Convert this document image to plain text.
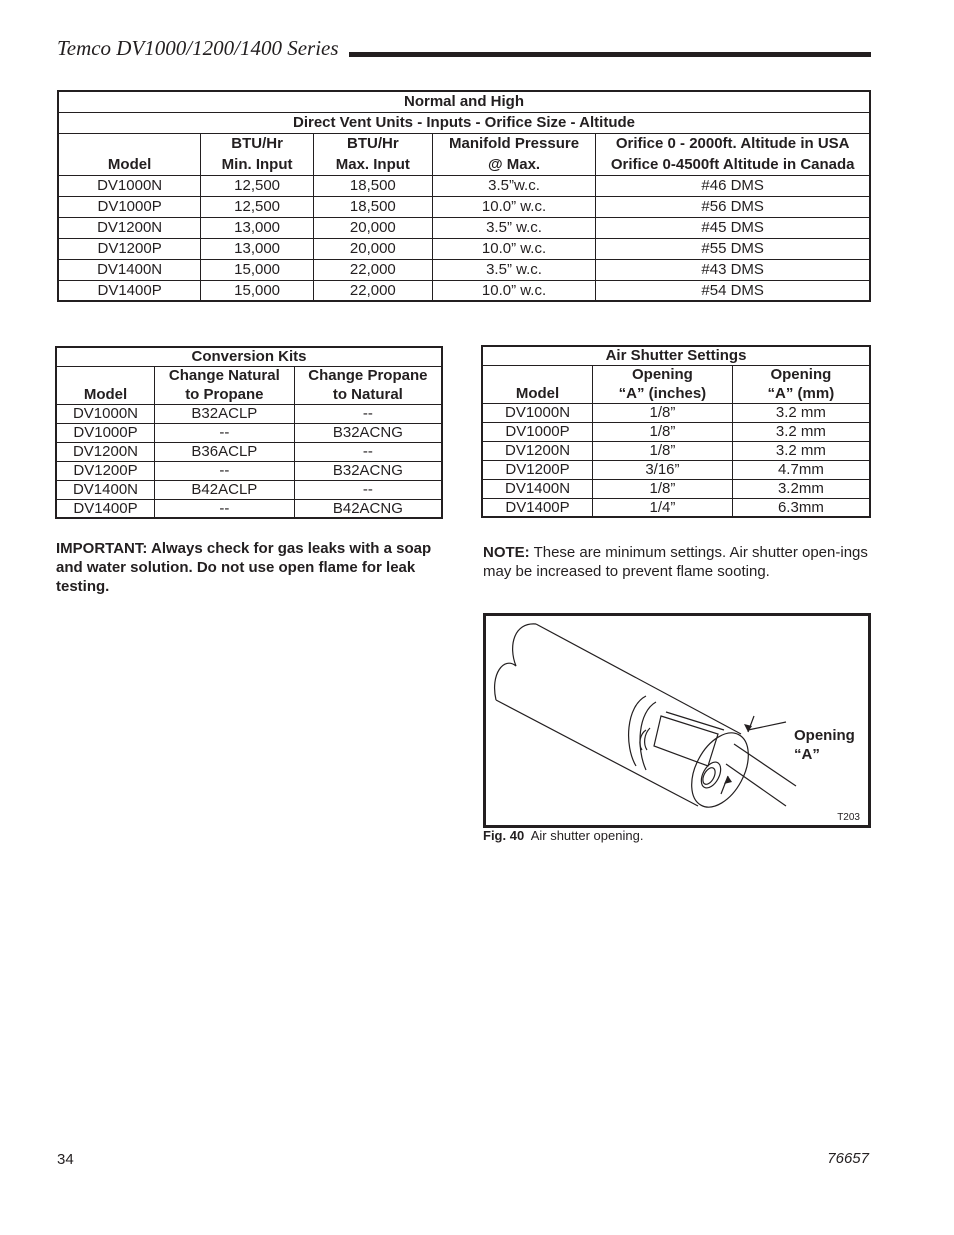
Temco DV1000/1200/1400 Series
Normal and High				
Direct Vent Units - Inputs - Orifice Size - Altitude				
	BTU/Hr	BTU/Hr	Manifold Pressure	Orifice 0 - 2000ft. Altitude in USA
Model	Min. Input	Max. Input	@ Max.	Orifice 0-4500ft Altitude in Canada
DV1000N	12,500	18,500	3.5”w.c.	#46 DMS
DV1000P	12,500	18,500	10.0” w.c.	#56 DMS
DV1200N	13,000	20,000	3.5” w.c.	#45 DMS
DV1200P	13,000	20,000	10.0” w.c.	#55 DMS
DV1400N	15,000	22,000	3.5” w.c.	#43 DMS
DV1400P	15,000	22,000	10.0” w.c.	#54 DMS
Conversion Kits		
	Change Natural	Change Propane
Model	to Propane	to Natural
DV1000N	B32ACLP	--
DV1000P	--	B32ACNG
DV1200N	B36ACLP	--
DV1200P	--	B32ACNG
DV1400N	B42ACLP	--
DV1400P	--	B42ACNG
Air Shutter Settings		
	Opening	Opening
Model	“A” (inches)	“A” (mm)
DV1000N	1/8”	3.2 mm
DV1000P	1/8”	3.2 mm
DV1200N	1/8”	3.2 mm
DV1200P	3/16”	4.7mm
DV1400N	1/8”	3.2mm
DV1400P	1/4”	6.3mm
IMPORTANT: Always check for gas leaks with a soap and water solution. Do not use open flame for leak testing.
NOTE: These are minimum settings. Air shutter open-ings may be increased to prevent flame sooting.
Opening
“A”
T203
Fig. 40 Air shutter opening.
34	76657
